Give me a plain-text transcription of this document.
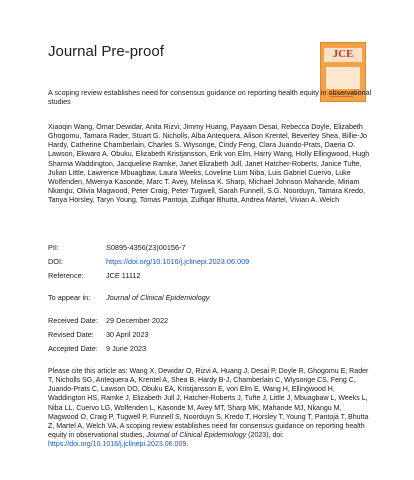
Journal Pre-proof	JCE
A scoping review establishes need for consensus guidance on reporting health equity in observational studies
Xiaoqin Wang, Omar Dewidar, Anita Rizvi, Jimmy Huang, Payaam Desai, Rebecca Doyle, Elizabeth Ghogomu, Tamara Rader, Stuart G. Nicholls, Alba Antequera, Alison Krentel, Beverley Shea, Billie-Jo Hardy, Catherine Chamberlain, Charles S. Wiysonge, Cindy Feng, Clara Juando-Prats, Daeria O. Lawson, Ekwaro A. Obuku, Elizabeth Kristjansson, Erik von Elm, Harry Wang, Holly Ellingwood, Hugh Sharma Waddington, Jacqueline Ramke, Janet Elizabeth Jull, Janet Hatcher-Roberts, Janice Tufte, Julian Little, Lawrence Mbuagbaw, Laura Weeks, Loveline Lum Niba, Luis Gabriel Cuervo, Luke Wolfenden, Mwenya Kasonde, Marc T. Avey, Melissa K. Sharp, Michael Johnson Mahande, Miriam Nkangu, Olivia Magwood, Peter Craig, Peter Tugwell, Sarah Funnell, S.G. Noorduyn, Tamara Kredo, Tanya Horsley, Taryn Young, Tomas Pantoja, Zulfiqar Bhutta, Andrea Martel, Vivian A. Welch
PII:	S0895-4356(23)00156-7
DOI:	https://doi.org/10.1016/j.jclinepi.2023.06.009
Reference:	JCE 11112
To appear in: Journal of Clinical Epidemiology
Received Date: 29 December 2022
Revised Date: 30 April 2023
Accepted Date: 9 June 2023
Please cite this article as: Wang X, Dewidar O, Rizvi A, Huang J, Desai P, Doyle R, Ghogomu E, Rader T, Nicholls SG, Antequera A, Krentel A, Shea B, Hardy B-J, Chamberlain C, Wiysonge CS, Feng C, Juando-Prats C, Lawson DO, Obuku EA, Kristjansson E, von Elm E, Wang H, Ellingwood H, Waddington HS, Ramke J, Elizabeth Jull J, Hatcher-Roberts J, Tufte J, Little J, Mbuagbaw L, Weeks L, Niba LL, Cuervo LG, Wolfenden L, Kasonde M, Avey MT, Sharp MK, Mahande MJ, Nkangu M, Magwood O, Craig P, Tugwell P, Funnell S, Noorduyn S, Kredo T, Horsley T, Young T, Pantoja T, Bhutta Z, Martel A, Welch VA, A scoping review establishes need for consensus guidance on reporting health equity in observational studies, Journal of Clinical Epidemiology (2023), doi: https://doi.org/10.1016/j.jclinepi.2023.06.009.
